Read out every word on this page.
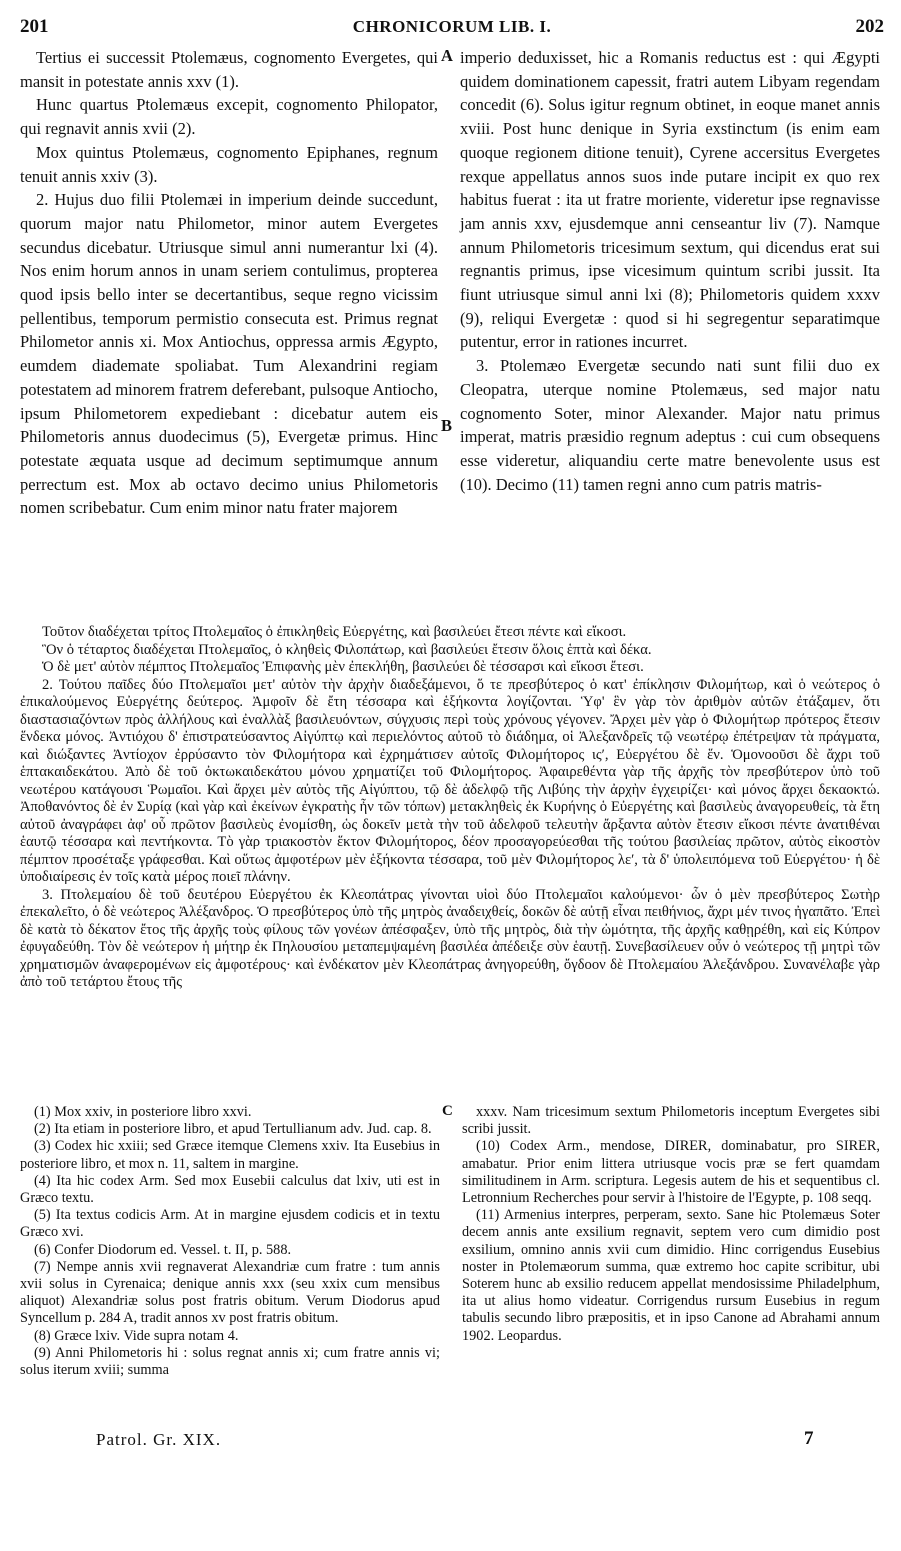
201	CHRONICORUM LIB. I.	202

Tertius ei successit Ptolemæus, cognomento Evergetes, qui mansit in potestate annis xxv (1).

Hunc quartus Ptolemæus excepit, cognomento Philopator, qui regnavit annis xvii (2).

Mox quintus Ptolemæus, cognomento Epiphanes, regnum tenuit annis xxiv (3).

2. Hujus duo filii Ptolemæi in imperium deinde succedunt, quorum major natu Philometor, minor autem Evergetes secundus dicebatur. Utriusque simul anni numerantur lxi (4). Nos enim horum annos in unam seriem contulimus, propterea quod ipsis bello inter se decertantibus, seque regno vicissim pellentibus, temporum permistio consecuta est. Primus regnat Philometor annis xi. Mox Antiochus, oppressa armis Ægypto, eumdem diademate spoliabat. Tum Alexandrini regiam potestatem ad minorem fratrem deferebant, pulsoque Antiocho, ipsum Philometorem expediebant : dicebatur autem eis Philometoris annus duodecimus (5), Evergetæ primus. Hinc potestate æquata usque ad decimum septimumque annum perrectum est. Mox ab octavo decimo unius Philometoris nomen scribebatur. Cum enim minor natu frater majorem

A
B

imperio deduxisset, hic a Romanis reductus est : qui Ægypti quidem dominationem capessit, fratri autem Libyam regendam concedit (6). Solus igitur regnum obtinet, in eoque manet annis xviii. Post hunc denique in Syria exstinctum (is enim eam quoque regionem ditione tenuit), Cyrene accersitus Evergetes rexque appellatus annos suos inde putare incipit ex quo rex habitus fuerat : ita ut fratre moriente, videretur ipse regnavisse jam annis xxv, ejusdemque anni censeantur liv (7). Namque annum Philometoris tricesimum sextum, qui dicendus erat sui regnantis primus, ipse vicesimum quintum scribi jussit. Ita fiunt utriusque simul anni lxi (8); Philometoris quidem xxxv (9), reliqui Evergetæ : quod si hi segregentur separatimque putentur, error in rationes incurret.

3. Ptolemæo Evergetæ secundo nati sunt filii duo ex Cleopatra, uterque nomine Ptolemæus, sed major natu cognomento Soter, minor Alexander. Major natu primus imperat, matris præsidio regnum adeptus : cui cum obsequens esse videretur, aliquandiu certe matre benevolente usus est (10). Decimo (11) tamen regni anno cum patris matris-

Τοῦτον διαδέχεται τρίτος Πτολεμαῖος ὁ ἐπικληθεὶς Εὐεργέτης, καὶ βασιλεύει ἔτεσι πέντε καὶ εἴκοσι.

Ὃν ὁ τέταρτος διαδέχεται Πτολεμαῖος, ὁ κληθεὶς Φιλοπάτωρ, καὶ βασιλεύει ἔτεσιν ὅλοις ἑπτὰ καὶ δέκα.

Ὁ δὲ μετ' αὐτὸν πέμπτος Πτολεμαῖος Ἐπιφανὴς μὲν ἐπεκλήθη, βασιλεύει δὲ τέσσαρσι καὶ εἴκοσι ἔτεσι.

2. Τούτου παῖδες δύο Πτολεμαῖοι μετ' αὐτὸν τὴν ἀρχὴν διαδεξάμενοι, ὅ τε πρεσβύτερος ὁ κατ' ἐπίκλησιν Φιλομήτωρ, καὶ ὁ νεώτερος ὁ ἐπικαλούμενος Εὐεργέτης δεύτερος. Ἀμφοῖν δὲ ἔτη τέσσαρα καὶ ἑξήκοντα λογίζονται. Ὑφ' ἓν γὰρ τὸν ἀριθμὸν αὐτῶν ἐτάξαμεν, ὅτι διαστασιαζόντων πρὸς ἀλλήλους καὶ ἐναλλὰξ βασιλευόντων, σύγχυσις περὶ τοὺς χρόνους γέγονεν. Ἄρχει μὲν γὰρ ὁ Φιλομήτωρ πρότερος ἔτεσιν ἕνδεκα μόνος. Ἀντιόχου δ' ἐπιστρατεύσαντος Αἰγύπτῳ καὶ περιελόντος αὐτοῦ τὸ διάδημα, οἱ Ἀλεξανδρεῖς τῷ νεωτέρῳ ἐπέτρεψαν τὰ πράγματα, καὶ διώξαντες Ἀντίοχον ἐρρύσαντο τὸν Φιλομήτορα καὶ ἐχρημάτισεν αὐτοῖς Φιλομήτορος ιςʹ, Εὐεργέτου δὲ ἕν. Ὁμονοοῦσι δὲ ἄχρι τοῦ ἑπτακαιδεκάτου. Ἀπὸ δὲ τοῦ ὀκτωκαιδεκάτου μόνου χρηματίζει τοῦ Φιλομήτορος. Ἀφαιρεθέντα γὰρ τῆς ἀρχῆς τὸν πρεσβύτερον ὑπὸ τοῦ νεωτέρου κατάγουσι Ῥωμαῖοι. Καὶ ἄρχει μὲν αὐτὸς τῆς Αἰγύπτου, τῷ δὲ ἀδελφῷ τῆς Λιβύης τὴν ἀρχὴν ἐγχειρίζει· καὶ μόνος ἄρχει δεκαοκτώ. Ἀποθανόντος δὲ ἐν Συρίᾳ (καὶ γὰρ καὶ ἐκείνων ἐγκρατὴς ἦν τῶν τόπων) μετακληθεὶς ἐκ Κυρήνης ὁ Εὐεργέτης καὶ βασιλεὺς ἀναγορευθείς, τὰ ἔτη αὐτοῦ ἀναγράφει ἀφ' οὗ πρῶτον βασιλεὺς ἐνομίσθη, ὡς δοκεῖν μετὰ τὴν τοῦ ἀδελφοῦ τελευτὴν ἄρξαντα αὐτὸν ἔτεσιν εἴκοσι πέντε ἀνατιθέναι ἑαυτῷ τέσσαρα καὶ πεντήκοντα. Τὸ γὰρ τριακοστὸν ἕκτον Φιλομήτορος, δέον προσαγορεύεσθαι τῆς τούτου βασιλείας πρῶτον, αὐτὸς εἰκοστὸν πέμπτον προσέταξε γράφεσθαι. Καὶ οὕτως ἀμφοτέρων μὲν ἑξήκοντα τέσσαρα, τοῦ μὲν Φιλομήτορος λεʹ, τὰ δ' ὑπολειπόμενα τοῦ Εὐεργέτου· ἡ δὲ ὑποδιαίρεσις ἐν τοῖς κατὰ μέρος ποιεῖ πλάνην.

3. Πτολεμαίου δὲ τοῦ δευτέρου Εὐεργέτου ἐκ Κλεοπάτρας γίνονται υἱοὶ δύο Πτολεμαῖοι καλούμενοι· ὧν ὁ μὲν πρεσβύτερος Σωτὴρ ἐπεκαλεῖτο, ὁ δὲ νεώτερος Ἀλέξανδρος. Ὁ πρεσβύτερος ὑπὸ τῆς μητρὸς ἀναδειχθείς, δοκῶν δὲ αὐτῇ εἶναι πειθήνιος, ἄχρι μέν τινος ἠγαπᾶτο. Ἐπεὶ δὲ κατὰ τὸ δέκατον ἔτος τῆς ἀρχῆς τοὺς φίλους τῶν γονέων ἀπέσφαξεν, ὑπὸ τῆς μητρὸς, διὰ τὴν ὠμότητα, τῆς ἀρχῆς καθῃρέθη, καὶ εἰς Κύπρον ἐφυγαδεύθη. Τὸν δὲ νεώτερον ἡ μήτηρ ἐκ Πηλουσίου μεταπεμψαμένη βασιλέα ἀπέδειξε σὺν ἑαυτῇ. Συνεβασίλευεν οὖν ὁ νεώτερος τῇ μητρὶ τῶν χρηματισμῶν ἀναφερομένων εἰς ἀμφοτέρους· καὶ ἑνδέκατον μὲν Κλεοπάτρας ἀνηγορεύθη, ὄγδοον δὲ Πτολεμαίου Ἀλεξάνδρου. Συνανέλαβε γὰρ ἀπὸ τοῦ τετάρτου ἔτους τῆς

(1) Mox xxiv, in posteriore libro xxvi.

(2) Ita etiam in posteriore libro, et apud Tertullianum adv. Jud. cap. 8.

(3) Codex hic xxiii; sed Græce itemque Clemens xxiv. Ita Eusebius in posteriore libro, et mox n. 11, saltem in margine.

(4) Ita hic codex Arm. Sed mox Eusebii calculus dat lxiv, uti est in Græco textu.

(5) Ita textus codicis Arm. At in margine ejusdem codicis et in textu Græco xvi.

(6) Confer Diodorum ed. Vessel. t. II, p. 588.

(7) Nempe annis xvii regnaverat Alexandriæ cum fratre : tum annis xvii solus in Cyrenaica; denique annis xxx (seu xxix cum mensibus aliquot) Alexandriæ solus post fratris obitum. Verum Diodorus apud Syncellum p. 284 A, tradit annos xv post fratris obitum.

(8) Græce lxiv. Vide supra notam 4.

(9) Anni Philometoris hi : solus regnat annis xi; cum fratre annis vi; solus iterum xviii; summa

C	xxxv. Nam tricesimum sextum Philometoris inceptum Evergetes sibi scribi jussit.

(10) Codex Arm., mendose, DIRER, dominabatur, pro SIRER, amabatur. Prior enim littera utriusque vocis præ se fert quamdam similitudinem in Arm. scriptura. Legesis autem de his et sequentibus cl. Letronnium Recherches pour servir à l'histoire de l'Egypte, p. 108 seqq.

(11) Armenius interpres, perperam, sexto. Sane hic Ptolemæus Soter decem annis ante exsilium regnavit, septem vero cum dimidio post exsilium, omnino annis xvii cum dimidio. Hinc corrigendus Eusebius noster in Ptolemæorum summa, quæ extremo hoc capite scribitur, ubi Soterem hunc ab exsilio reducem appellat mendosissime Philadelphum, ita ut alius homo videatur. Corrigendus rursum Eusebius in regum tabulis secundo libro præpositis, et in ipso Canone ad Abrahami annum 1902. Leopardus.

Patrol. Gr. XIX.	7
